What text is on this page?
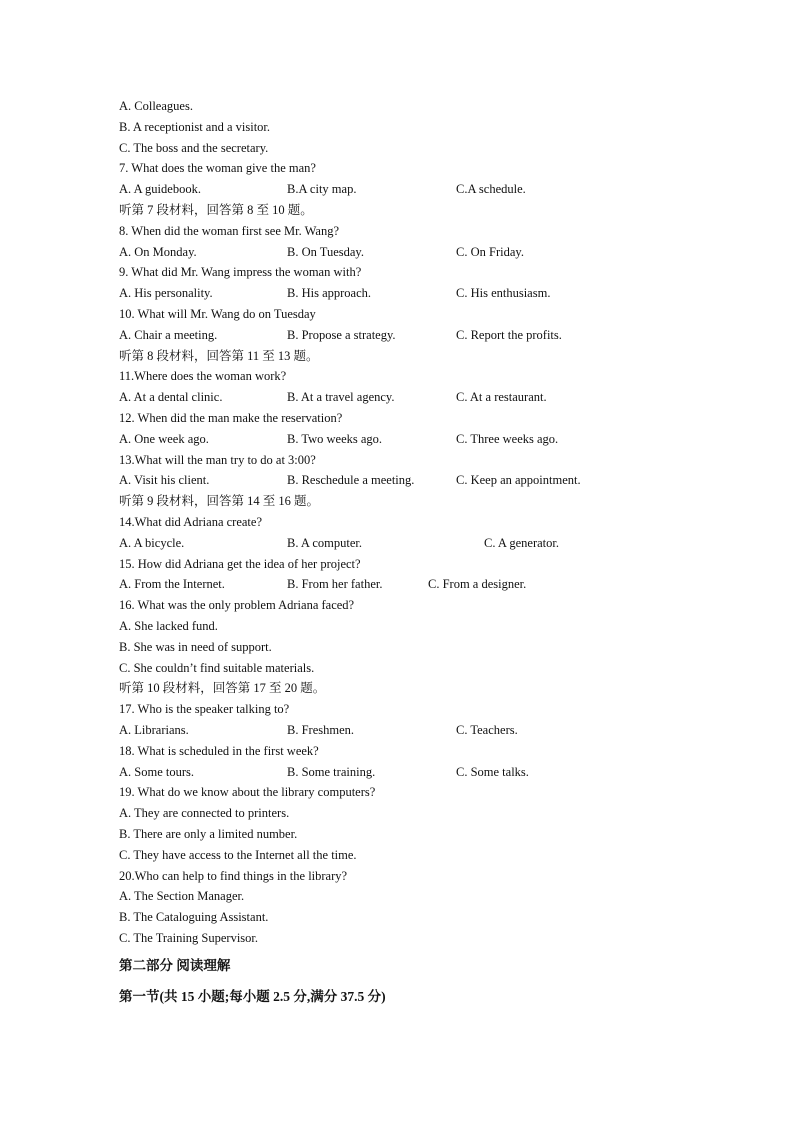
A. Colleagues.
B. A receptionist and a visitor.
C. The boss and the secretary.
7. What does the woman give the man?
A. A guidebook.	B.A city map.	C.A schedule.
听第 7 段材料，回答第 8 至 10 题。
8. When did the woman first see Mr. Wang?
A. On Monday.	B. On Tuesday.	C. On Friday.
9. What did Mr. Wang impress the woman with?
A. His personality.	B. His approach.	C. His enthusiasm.
10. What will Mr. Wang do on Tuesday
A. Chair a meeting.	B. Propose a strategy.	C. Report the profits.
听第 8 段材料，回答第 11 至 13 题。
11.Where does the woman work?
A. At a dental clinic.	B. At a travel agency.	C. At a restaurant.
12. When did the man make the reservation?
A. One week ago.	B. Two weeks ago.	C. Three weeks ago.
13.What will the man try to do at 3:00?
A. Visit his client.	B. Reschedule a meeting.	C. Keep an appointment.
听第 9 段材料，回答第 14 至 16 题。
14.What did Adriana create?
A. A bicycle.	B. A computer.	C. A generator.
15. How did Adriana get the idea of her project?
A. From the Internet.	B. From her father.	C. From a designer.
16. What was the only problem Adriana faced?
A. She lacked fund.
B. She was in need of support.
C. She couldn’t find suitable materials.
听第 10 段材料，回答第 17 至 20 题。
17. Who is the speaker talking to?
A. Librarians.	B. Freshmen.	C. Teachers.
18. What is scheduled in the first week?
A. Some tours.	B. Some training.	C. Some talks.
19. What do we know about the library computers?
A. They are connected to printers.
B. There are only a limited number.
C. They have access to the Internet all the time.
20.Who can help to find things in the library?
A. The Section Manager.
B. The Cataloguing Assistant.
C. The Training Supervisor.
第二部分 阅读理解
第一节(共 15 小题;每小题 2.5 分,满分 37.5 分)
